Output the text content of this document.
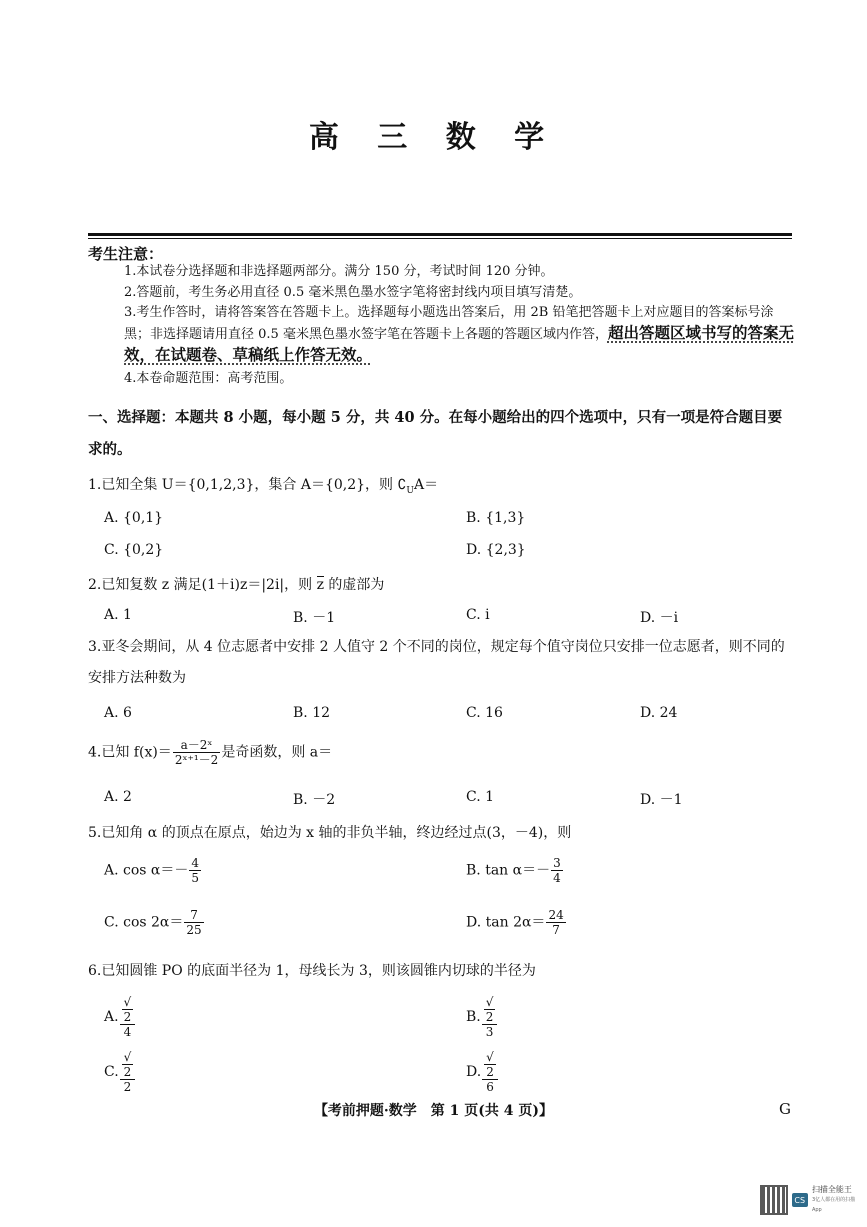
高 三 数 学
考生注意：
1.本试卷分选择题和非选择题两部分。满分 150 分，考试时间 120 分钟。
2.答题前，考生务必用直径 0.5 毫米黑色墨水签字笔将密封线内项目填写清楚。
3.考生作答时，请将答案答在答题卡上。选择题每小题选出答案后，用 2B 铅笔把答题卡上对应题目的答案标号涂黑；非选择题请用直径 0.5 毫米黑色墨水签字笔在答题卡上各题的答题区域内作答，超出答题区域书写的答案无效，在试题卷、草稿纸上作答无效。
4.本卷命题范围：高考范围。
一、选择题：本题共 8 小题，每小题 5 分，共 40 分。在每小题给出的四个选项中，只有一项是符合题目要求的。
1.已知全集 U＝{0,1,2,3}，集合 A＝{0,2}，则 $∁_UA=$
A. {0,1}	B. {1,3}
C. {0,2}	D. {2,3}
2.已知复数 z 满足(1＋i)z＝|2i|，则 z 的虚部为
A. 1	B. －1	C. i	D. －i
3.亚冬会期间，从 4 位志愿者中安排 2 人值守 2 个不同的岗位，规定每个值守岗位只安排一位志愿者，则不同的安排方法种数为
A. 6	B. 12	C. 16	D. 24
4.已知 $f(x)= \frac{\text{a－2ˣ}}{\text{2ˣ⁺¹－2}}$ 是奇函数，则 a＝
A. 2	B. －2	C. 1	D. －1
5.已知角 α 的顶点在原点，始边为 x 轴的非负半轴，终边经过点(3，－4)，则
A. $\cos \alpha=- \frac{4}{5}$	B. $\tan \alpha=- \frac{3}{4}$
C. $\cos 2\alpha= \frac{7}{25}$	D. $\tan 2\alpha= \frac{24}{7}$
6.已知圆锥 PO 的底面半径为 1，母线长为 3，则该圆锥内切球的半径为
A. √
2
4	B. √
2
3
C. √
2
2	D. √
2
6
【考前押题·数学　第 1 页(共 4 页)】	G
CS
扫描全能王
3亿人都在用的扫描App
